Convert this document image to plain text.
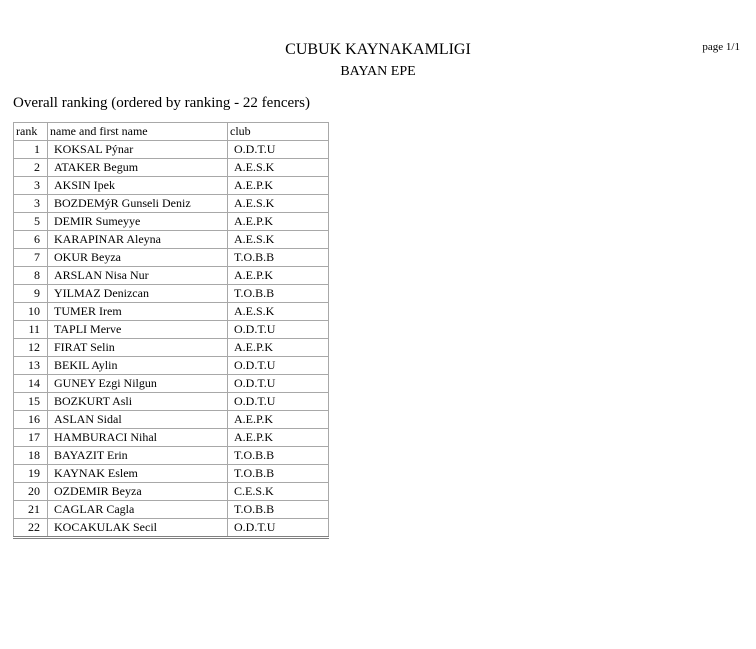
CUBUK KAYNAKAMLIGI
BAYAN EPE
page 1/1
Overall ranking (ordered by ranking - 22 fencers)
rank	name and first name	club
1	KOKSAL Pýnar	O.D.T.U
2	ATAKER Begum	A.E.S.K
3	AKSIN Ipek	A.E.P.K
3	BOZDEMýR Gunseli Deniz	A.E.S.K
5	DEMIR Sumeyye	A.E.P.K
6	KARAPINAR Aleyna	A.E.S.K
7	OKUR Beyza	T.O.B.B
8	ARSLAN Nisa Nur	A.E.P.K
9	YILMAZ Denizcan	T.O.B.B
10	TUMER Irem	A.E.S.K
11	TAPLI Merve	O.D.T.U
12	FIRAT Selin	A.E.P.K
13	BEKIL Aylin	O.D.T.U
14	GUNEY Ezgi Nilgun	O.D.T.U
15	BOZKURT Asli	O.D.T.U
16	ASLAN Sidal	A.E.P.K
17	HAMBURACI Nihal	A.E.P.K
18	BAYAZIT Erin	T.O.B.B
19	KAYNAK Eslem	T.O.B.B
20	OZDEMIR Beyza	C.E.S.K
21	CAGLAR Cagla	T.O.B.B
22	KOCAKULAK Secil	O.D.T.U
